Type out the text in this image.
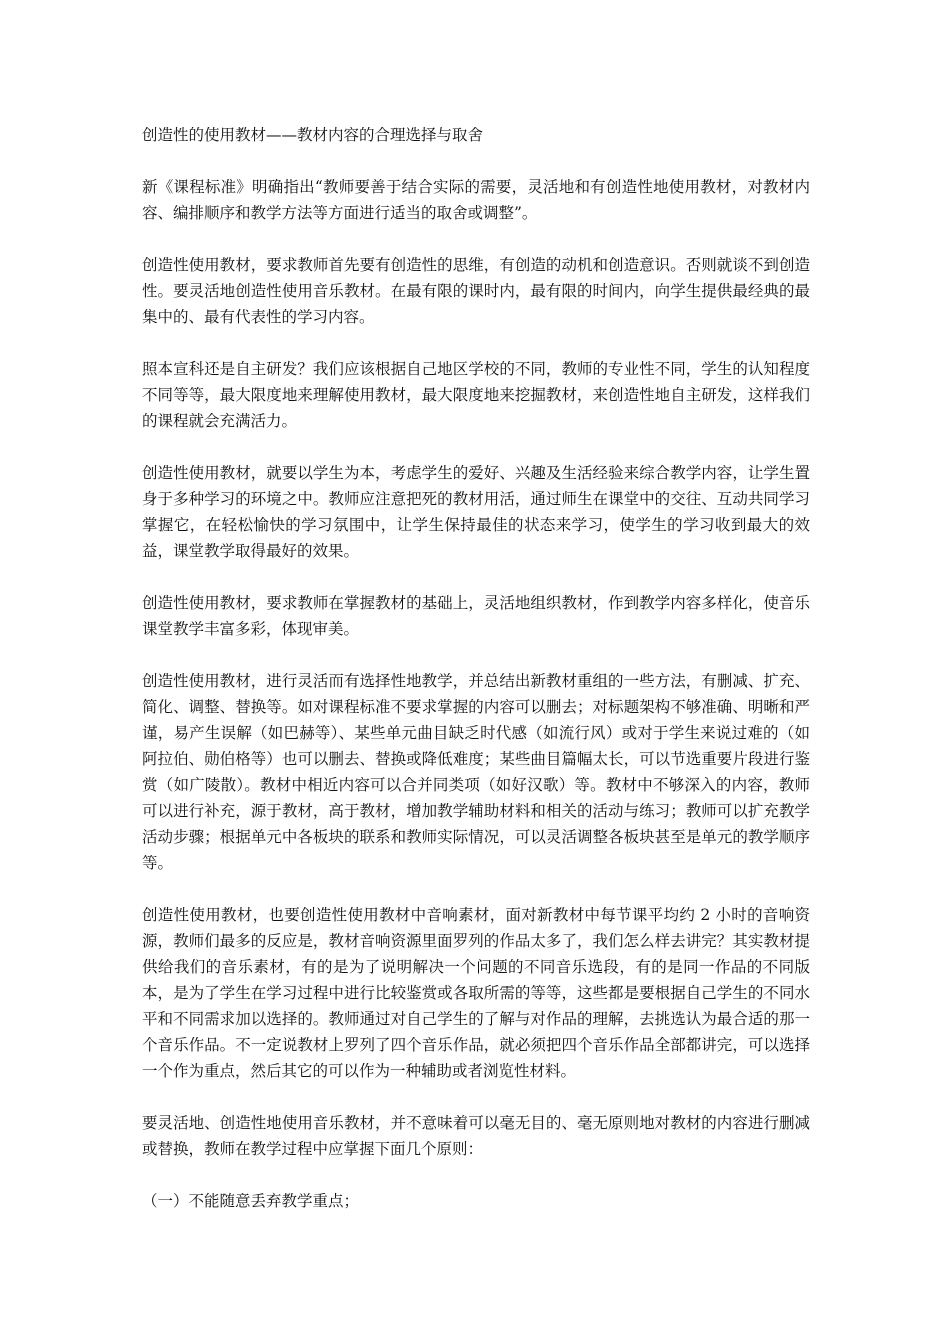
创造性的使用教材——教材内容的合理选择与取舍

新《课程标准》明确指出“教师要善于结合实际的需要，灵活地和有创造性地使用教材，对教材内容、编排顺序和教学方法等方面进行适当的取舍或调整”。

创造性使用教材，要求教师首先要有创造性的思维，有创造的动机和创造意识。否则就谈不到创造性。要灵活地创造性使用音乐教材。在最有限的课时内，最有限的时间内，向学生提供最经典的最集中的、最有代表性的学习内容。

照本宣科还是自主研发？我们应该根据自己地区学校的不同，教师的专业性不同，学生的认知程度不同等等，最大限度地来理解使用教材，最大限度地来挖掘教材，来创造性地自主研发，这样我们的课程就会充满活力。

创造性使用教材，就要以学生为本，考虑学生的爱好、兴趣及生活经验来综合教学内容，让学生置身于多种学习的环境之中。教师应注意把死的教材用活，通过师生在课堂中的交往、互动共同学习掌握它，在轻松愉快的学习氛围中，让学生保持最佳的状态来学习，使学生的学习收到最大的效益，课堂教学取得最好的效果。

创造性使用教材，要求教师在掌握教材的基础上，灵活地组织教材，作到教学内容多样化，使音乐课堂教学丰富多彩，体现审美。

创造性使用教材，进行灵活而有选择性地教学，并总结出新教材重组的一些方法，有删减、扩充、简化、调整、替换等。如对课程标准不要求掌握的内容可以删去；对标题架构不够准确、明晰和严谨，易产生误解（如巴赫等）、某些单元曲目缺乏时代感（如流行风）或对于学生来说过难的（如阿拉伯、勋伯格等）也可以删去、替换或降低难度；某些曲目篇幅太长，可以节选重要片段进行鉴赏（如广陵散）。教材中相近内容可以合并同类项（如好汉歌）等。教材中不够深入的内容，教师可以进行补充，源于教材，高于教材，增加教学辅助材料和相关的活动与练习；教师可以扩充教学活动步骤；根据单元中各板块的联系和教师实际情况，可以灵活调整各板块甚至是单元的教学顺序等。

创造性使用教材，也要创造性使用教材中音响素材，面对新教材中每节课平均约 2 小时的音响资源，教师们最多的反应是，教材音响资源里面罗列的作品太多了，我们怎么样去讲完？其实教材提供给我们的音乐素材，有的是为了说明解决一个问题的不同音乐选段，有的是同一作品的不同版本，是为了学生在学习过程中进行比较鉴赏或各取所需的等等，这些都是要根据自己学生的不同水平和不同需求加以选择的。教师通过对自己学生的了解与对作品的理解，去挑选认为最合适的那一个音乐作品。不一定说教材上罗列了四个音乐作品，就必须把四个音乐作品全部都讲完，可以选择一个作为重点，然后其它的可以作为一种辅助或者浏览性材料。

要灵活地、创造性地使用音乐教材，并不意味着可以毫无目的、毫无原则地对教材的内容进行删减或替换，教师在教学过程中应掌握下面几个原则：

（一）不能随意丢弃教学重点；
